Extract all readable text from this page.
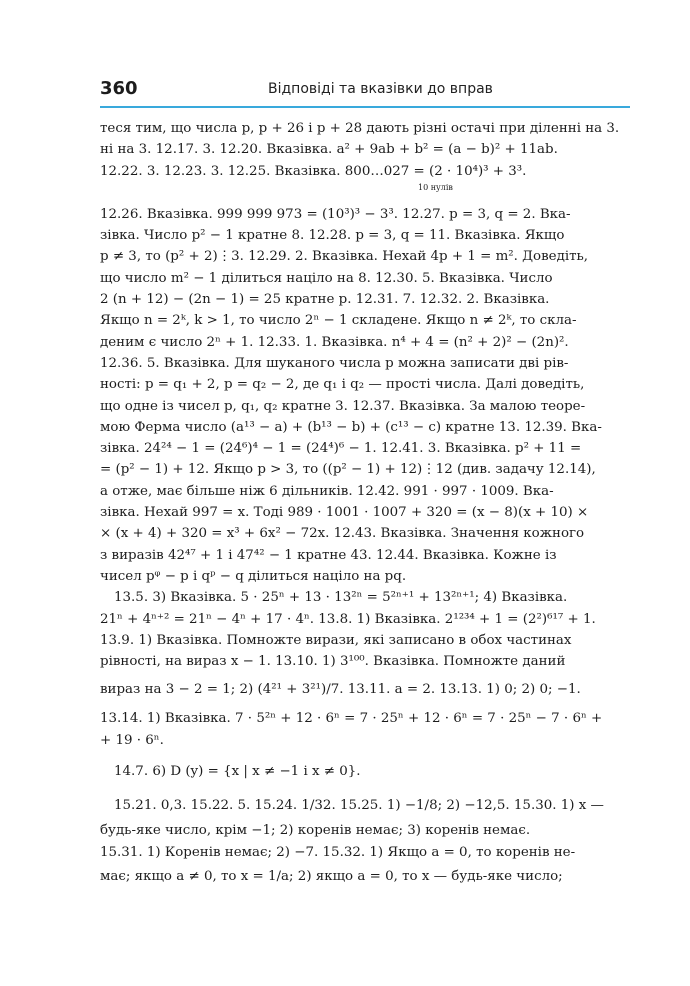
360	Відповіді та вказівки до вправ
теся тим, що числа p, p + 26 і p + 28 дають різні остачі при діленні на 3.
ні на 3. 12.17. 3. 12.20. Вказівка. a² + 9ab + b² = (a − b)² + 11ab.
12.22. 3. 12.23. 3. 12.25. Вказівка. 800…027 = (2 · 10⁴)³ + 3³.
10 нулів
12.26. Вказівка. 999 999 973 = (10³)³ − 3³. 12.27. p = 3, q = 2. Вка-
зівка. Число p² − 1 кратне 8. 12.28. p = 3, q = 11. Вказівка. Якщо
p ≠ 3, то (p² + 2)⋮3. 12.29. 2. Вказівка. Нехай 4p + 1 = m². Доведіть,
що число m² − 1 ділиться націло на 8. 12.30. 5. Вказівка. Число
2 (n + 12) − (2n − 1) = 25 кратне p. 12.31. 7. 12.32. 2. Вказівка.
Якщо n = 2ᵏ, k > 1, то число 2ⁿ − 1 складене. Якщо n ≠ 2ᵏ, то скла-
деним є число 2ⁿ + 1. 12.33. 1. Вказівка. n⁴ + 4 = (n² + 2)² − (2n)².
12.36. 5. Вказівка. Для шуканого числа p можна записати дві рів-
ності: p = q₁ + 2, p = q₂ − 2, де q₁ і q₂ — прості числа. Далі доведіть,
що одне із чисел p, q₁, q₂ кратне 3. 12.37. Вказівка. За малою теоре-
мою Ферма число (a¹³ − a) + (b¹³ − b) + (c¹³ − c) кратне 13. 12.39. Вка-
зівка. 24²⁴ − 1 = (24⁶)⁴ − 1 = (24⁴)⁶ − 1. 12.41. 3. Вказівка. p² + 11 =
= (p² − 1) + 12. Якщо p > 3, то ((p² − 1) + 12)⋮12 (див. задачу 12.14),
а отже, має більше ніж 6 дільників. 12.42. 991 · 997 · 1009. Вка-
зівка. Нехай 997 = x. Тоді 989 · 1001 · 1007 + 320 = (x − 8)(x + 10) ×
× (x + 4) + 320 = x³ + 6x² − 72x. 12.43. Вказівка. Значення кожного
з виразів 42⁴⁷ + 1 і 47⁴² − 1 кратне 43. 12.44. Вказівка. Кожне із
чисел pᵠ − p і qᵖ − q ділиться націло на pq.
13.5. 3) Вказівка. 5 · 25ⁿ + 13 · 13²ⁿ = 5²ⁿ⁺¹ + 13²ⁿ⁺¹; 4) Вказівка.
21ⁿ + 4ⁿ⁺² = 21ⁿ − 4ⁿ + 17 · 4ⁿ. 13.8. 1) Вказівка. 2¹²³⁴ + 1 = (2²)⁶¹⁷ + 1.
13.9. 1) Вказівка. Помножте вирази, які записано в обох частинах
рівності, на вираз x − 1. 13.10. 1) 3¹⁰⁰. Вказівка. Помножте даний
вираз на 3 − 2 = 1; 2) (4²¹ + 3²¹)/7. 13.11. a = 2. 13.13. 1) 0; 2) 0; −1.
13.14. 1) Вказівка. 7 · 5²ⁿ + 12 · 6ⁿ = 7 · 25ⁿ + 12 · 6ⁿ = 7 · 25ⁿ − 7 · 6ⁿ +
+ 19 · 6ⁿ.
14.7. 6) D (y) = {x | x ≠ −1 і x ≠ 0}.
15.21. 0,3. 15.22. 5. 15.24. 1/32. 15.25. 1) −1/8; 2) −12,5. 15.30. 1) x —
будь-яке число, крім −1; 2) коренів немає; 3) коренів немає.
15.31. 1) Коренів немає; 2) −7. 15.32. 1) Якщо a = 0, то коренів не-
має; якщо a ≠ 0, то x = 1/a; 2) якщо a = 0, то x — будь-яке число;
